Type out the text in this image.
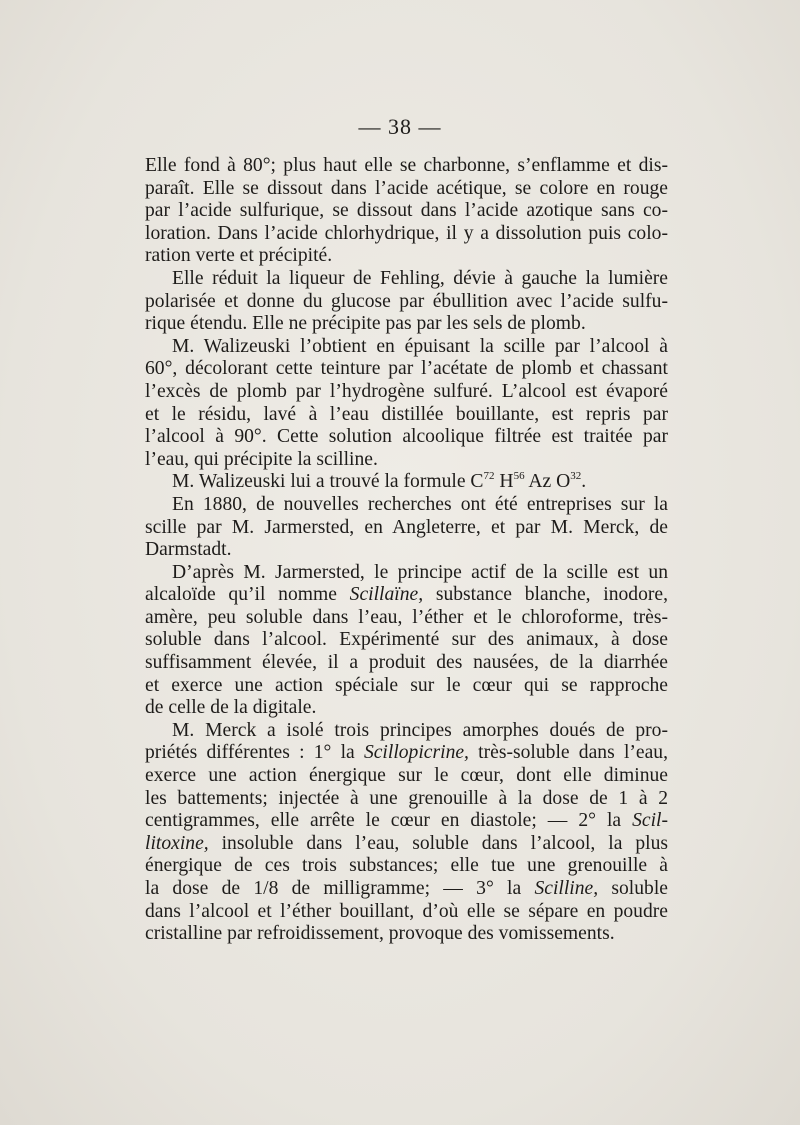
— 38 —

Elle fond à 80°; plus haut elle se charbonne, s’enflamme et dis-
paraît. Elle se dissout dans l’acide acétique, se colore en rouge
par l’acide sulfurique, se dissout dans l’acide azotique sans co-
loration. Dans l’acide chlorhydrique, il y a dissolution puis colo-
ration verte et précipité.

Elle réduit la liqueur de Fehling, dévie à gauche la lumière
polarisée et donne du glucose par ébullition avec l’acide sulfu-
rique étendu. Elle ne précipite pas par les sels de plomb.

M. Walizeuski l’obtient en épuisant la scille par l’alcool à
60°, décolorant cette teinture par l’acétate de plomb et chassant
l’excès de plomb par l’hydrogène sulfuré. L’alcool est évaporé
et le résidu, lavé à l’eau distillée bouillante, est repris par
l’alcool à 90°. Cette solution alcoolique filtrée est traitée par
l’eau, qui précipite la scilline.

M. Walizeuski lui a trouvé la formule $C^{72}$ $H^{56}$ Az $O^{32}$.

En 1880, de nouvelles recherches ont été entreprises sur la
scille par M. Jarmersted, en Angleterre, et par M. Merck, de
Darmstadt.

D’après M. Jarmersted, le principe actif de la scille est un
alcaloïde qu’il nomme Scillaïne, substance blanche, inodore,
amère, peu soluble dans l’eau, l’éther et le chloroforme, très-
soluble dans l’alcool. Expérimenté sur des animaux, à dose
suffisamment élevée, il a produit des nausées, de la diarrhée
et exerce une action spéciale sur le cœur qui se rapproche
de celle de la digitale.

M. Merck a isolé trois principes amorphes doués de pro-
priétés différentes : 1° la Scillopicrine, très-soluble dans l’eau,
exerce une action énergique sur le cœur, dont elle diminue
les battements; injectée à une grenouille à la dose de 1 à 2
centigrammes, elle arrête le cœur en diastole; — 2° la Scil-
litoxine, insoluble dans l’eau, soluble dans l’alcool, la plus
énergique de ces trois substances; elle tue une grenouille à
la dose de 1/8 de milligramme; — 3° la Scilline, soluble
dans l’alcool et l’éther bouillant, d’où elle se sépare en poudre
cristalline par refroidissement, provoque des vomissements.
